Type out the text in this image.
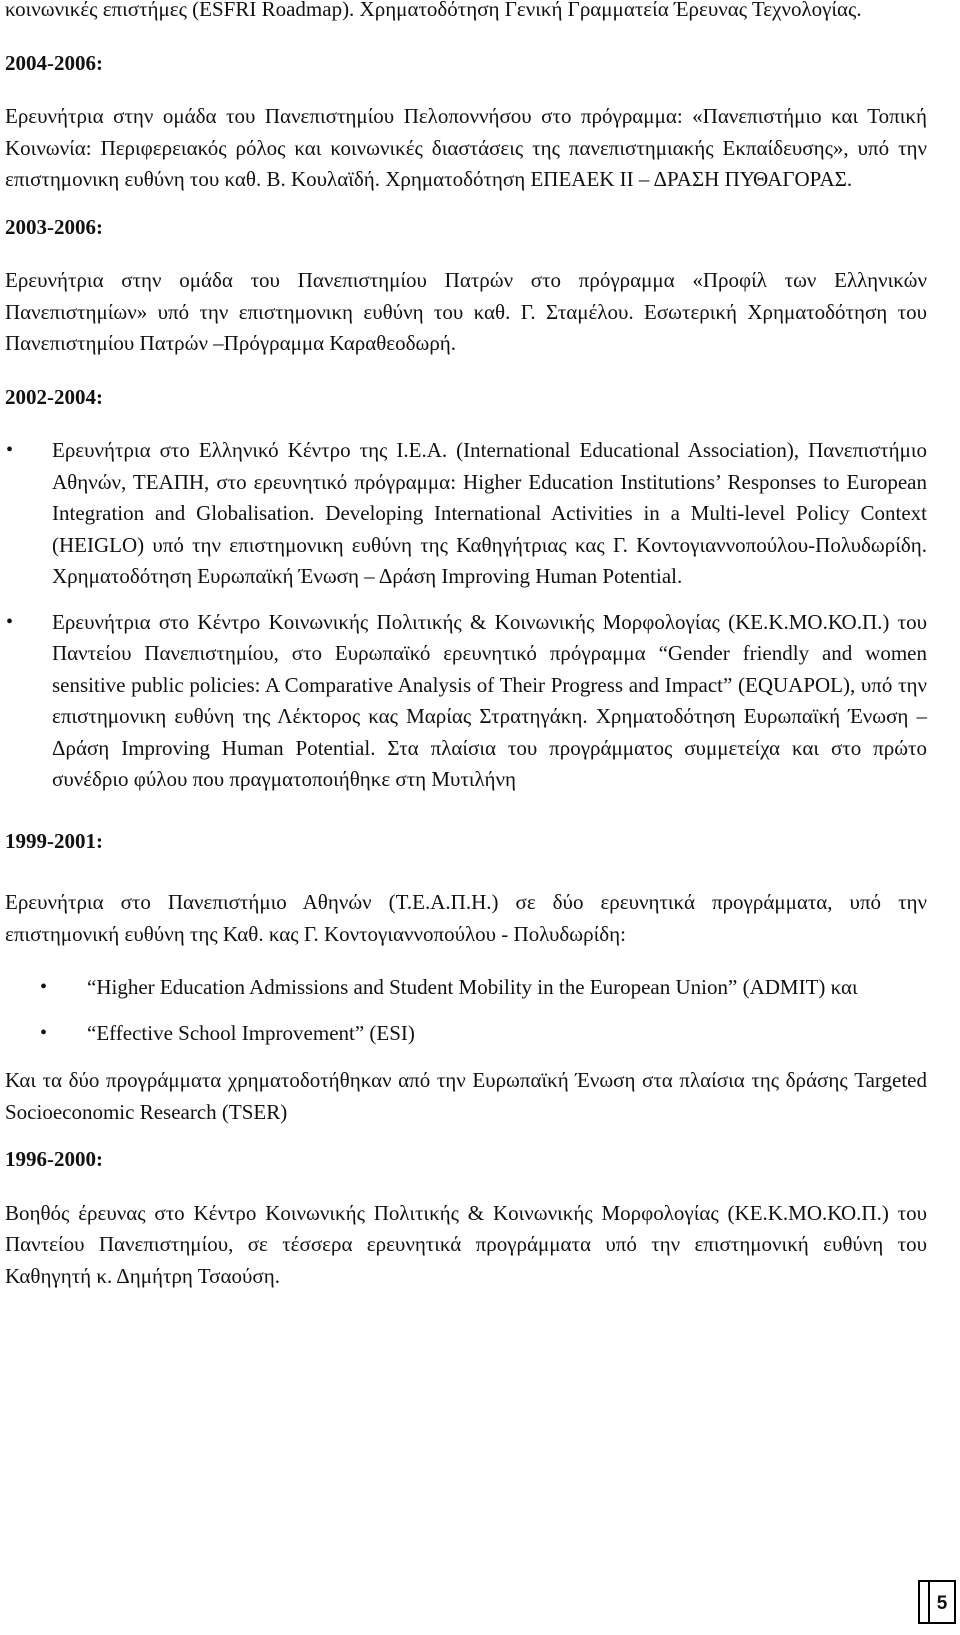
κοινωνικές επιστήμες (ESFRI Roadmap). Χρηματοδότηση Γενική Γραμματεία Έρευνας Τεχνολογίας.

2004-2006:

Ερευνήτρια στην ομάδα του Πανεπιστημίου Πελοποννήσου στο πρόγραμμα: «Πανεπιστήμιο και Τοπική Κοινωνία: Περιφερειακός ρόλος και κοινωνικές διαστάσεις της πανεπιστημιακής Εκπαίδευσης», υπό την επιστημονικη ευθύνη του καθ. Β. Κουλαϊδή. Χρηματοδότηση ΕΠΕΑΕΚ ΙΙ – ΔΡΑΣΗ ΠΥΘΑΓΟΡΑΣ.

2003-2006:

Ερευνήτρια στην ομάδα του Πανεπιστημίου Πατρών στο πρόγραμμα «Προφίλ των Ελληνικών Πανεπιστημίων» υπό την επιστημονικη ευθύνη του καθ. Γ. Σταμέλου. Εσωτερική Χρηματοδότηση του Πανεπιστημίου Πατρών –Πρόγραμμα Καραθεοδωρή.

2002-2004:
• Ερευνήτρια στο Ελληνικό Κέντρο της Ι.Ε.Α. (International Educational Association), Πανεπιστήμιο Αθηνών, ΤΕΑΠΗ, στο ερευνητικό πρόγραμμα: Higher Education Institutions’ Responses to European Integration and Globalisation. Developing International Activities in a Multi-level Policy Context (HEIGLO) υπό την επιστημονικη ευθύνη της Καθηγήτριας κας Γ. Κοντογιαννοπούλου-Πολυδωρίδη. Χρηματοδότηση Ευρωπαϊκή Ένωση – Δράση Improving Human Potential.
• Ερευνήτρια στο Κέντρο Κοινωνικής Πολιτικής & Κοινωνικής Μορφολογίας (ΚΕ.Κ.ΜΟ.ΚΟ.Π.) του Παντείου Πανεπιστημίου, στο Ευρωπαϊκό ερευνητικό πρόγραμμα “Gender friendly and women sensitive public policies: A Comparative Analysis of Their Progress and Impact” (EQUAPOL), υπό την επιστημονικη ευθύνη της Λέκτορος κας Μαρίας Στρατηγάκη. Χρηματοδότηση Ευρωπαϊκή Ένωση – Δράση Improving Human Potential. Στα πλαίσια του προγράμματος συμμετείχα και στο πρώτο συνέδριο φύλου που πραγματοποιήθηκε στη Μυτιλήνη
1999-2001:

Ερευνήτρια στο Πανεπιστήμιο Αθηνών (Τ.Ε.Α.Π.Η.) σε δύο ερευνητικά προγράμματα, υπό την επιστημονική ευθύνη της Καθ. κας Γ. Κοντογιαννοπούλου - Πολυδωρίδη:

• “Higher Education Admissions and Student Mobility in the European Union” (ADMIT) και
• “Effective School Improvement” (ESI)

Και τα δύο προγράμματα χρηματοδοτήθηκαν από την Ευρωπαϊκή Ένωση στα πλαίσια της δράσης Targeted Socioeconomic Research (TSER)

1996-2000:

Βοηθός έρευνας στο Κέντρο Κοινωνικής Πολιτικής & Κοινωνικής Μορφολογίας (ΚΕ.Κ.ΜΟ.ΚΟ.Π.) του Παντείου Πανεπιστημίου, σε τέσσερα ερευνητικά προγράμματα υπό την επιστημονική ευθύνη του Καθηγητή κ. Δημήτρη Τσαούση.

5
